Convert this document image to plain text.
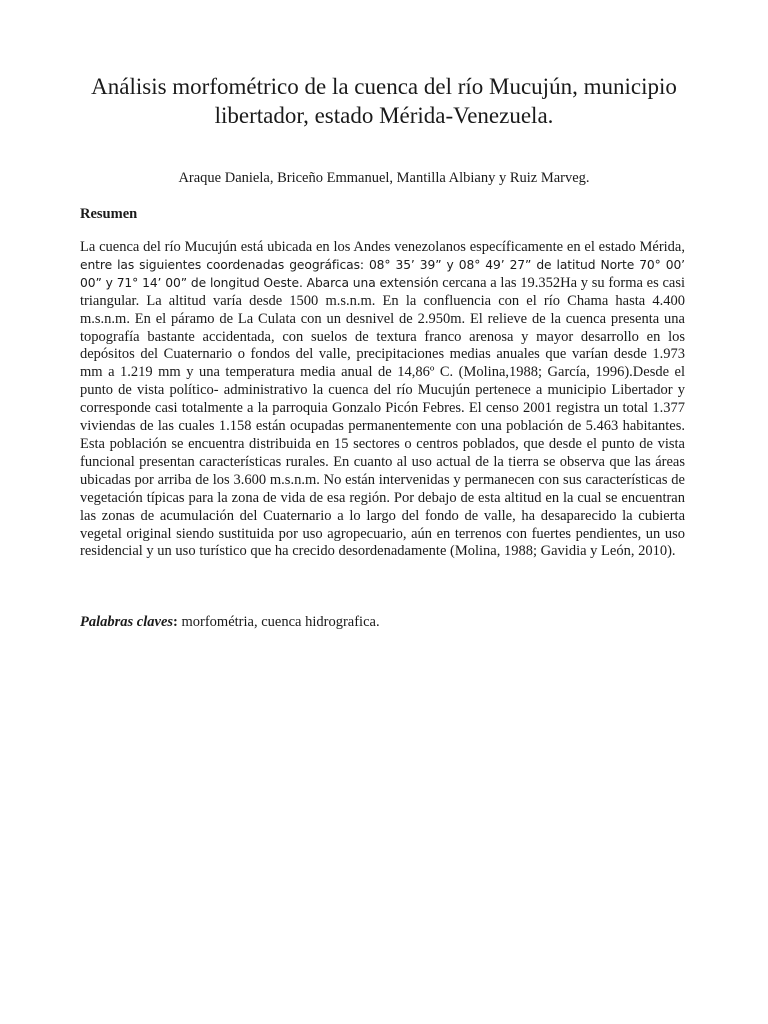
Análisis morfométrico de la cuenca del río Mucujún, municipio libertador, estado Mérida-Venezuela.

Araque Daniela, Briceño Emmanuel, Mantilla Albiany y Ruiz Marveg.

Resumen

La cuenca del río Mucujún está ubicada en los Andes venezolanos específicamente en el estado Mérida, entre las siguientes coordenadas geográficas: 08° 35’ 39” y 08° 49’ 27” de latitud Norte 70° 00’ 00” y 71° 14’ 00” de longitud Oeste. Abarca una extensión cercana a las 19.352Ha y su forma es casi triangular. La altitud varía desde 1500 m.s.n.m. En la confluencia con el río Chama hasta 4.400 m.s.n.m. En el páramo de La Culata con un desnivel de 2.950m. El relieve de la cuenca presenta una topografía bastante accidentada, con suelos de textura franco arenosa y mayor desarrollo en los depósitos del Cuaternario o fondos del valle, precipitaciones medias anuales que varían desde 1.973 mm a 1.219 mm y una temperatura media anual de 14,86º C. (Molina,1988; García, 1996).Desde el punto de vista político- administrativo la cuenca del río Mucujún pertenece a municipio Libertador y corresponde casi totalmente a la parroquia Gonzalo Picón Febres. El censo 2001 registra un total 1.377 viviendas de las cuales 1.158 están ocupadas permanentemente con una población de 5.463 habitantes. Esta población se encuentra distribuida en 15 sectores o centros poblados, que desde el punto de vista funcional presentan características rurales. En cuanto al uso actual de la tierra se observa que las áreas ubicadas por arriba de los 3.600 m.s.n.m. No están intervenidas y permanecen con sus características de vegetación típicas para la zona de vida de esa región. Por debajo de esta altitud en la cual se encuentran las zonas de acumulación del Cuaternario a lo largo del fondo de valle, ha desaparecido la cubierta vegetal original siendo sustituida por uso agropecuario, aún en terrenos con fuertes pendientes, un uso residencial y un uso turístico que ha crecido desordenadamente (Molina, 1988; Gavidia y León, 2010).

Palabras claves: morfométria, cuenca hidrografica.
